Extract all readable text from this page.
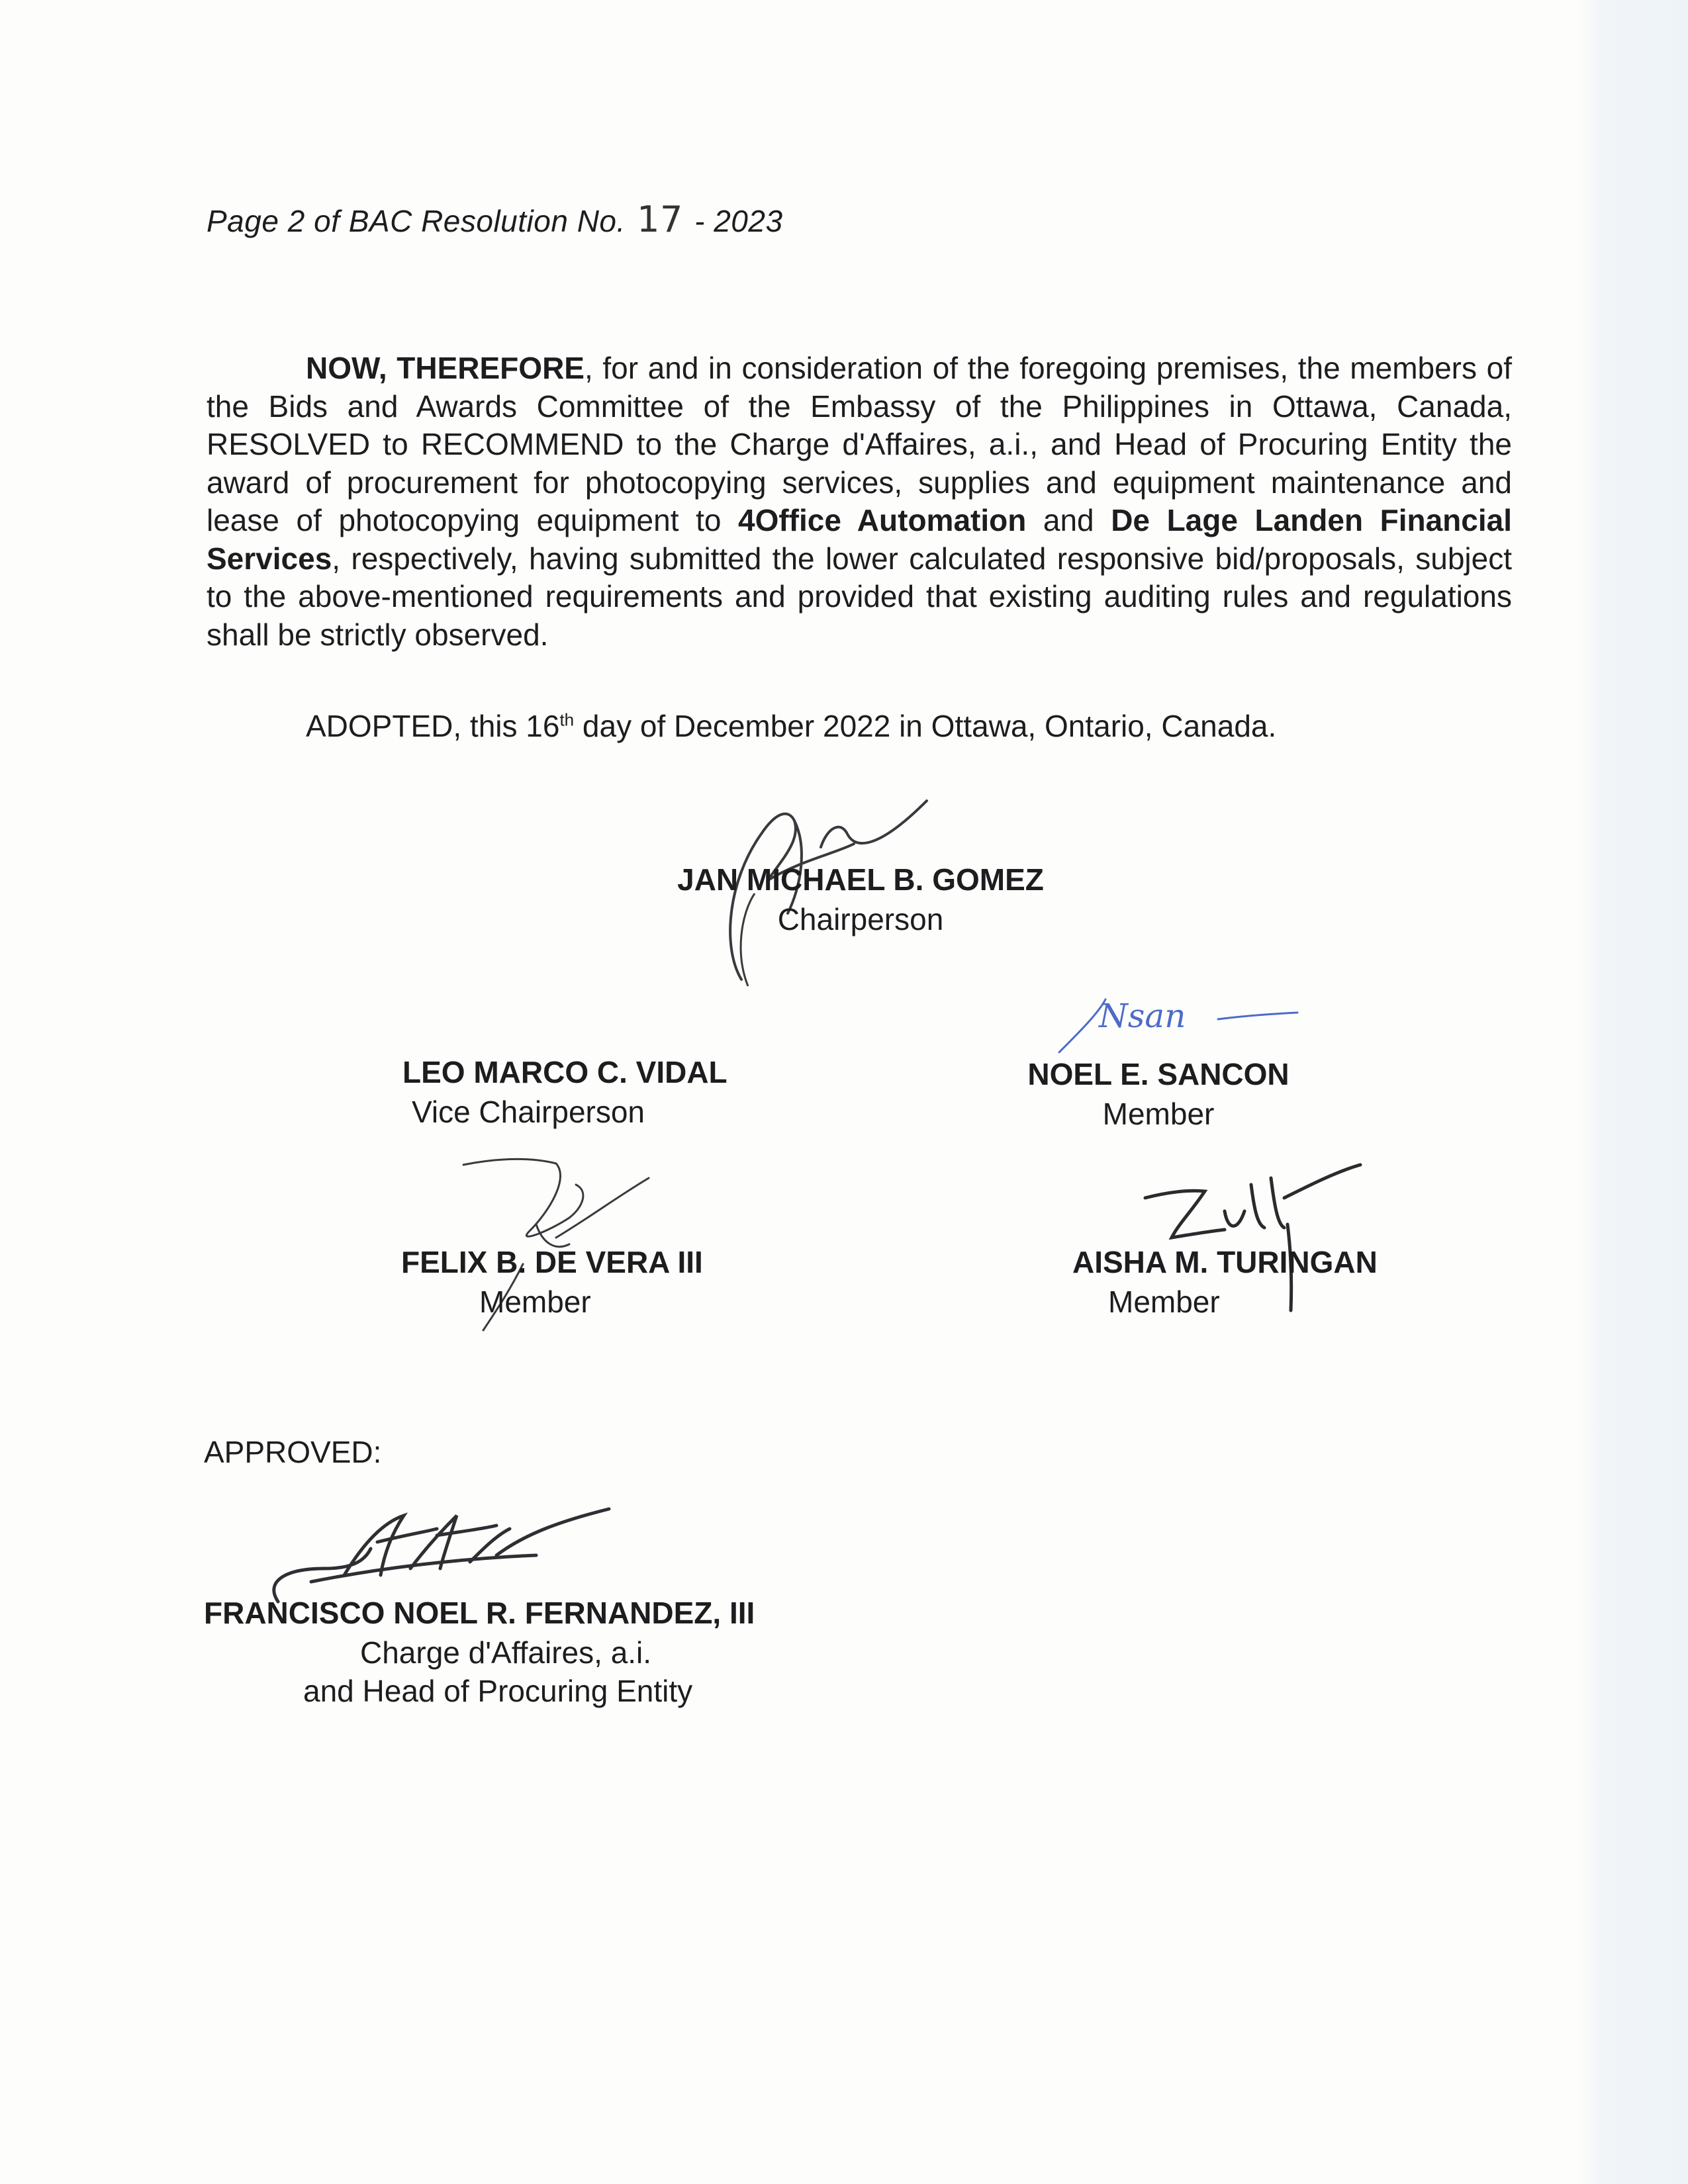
Page 2 of BAC Resolution No. 17 - 2023

NOW, THEREFORE, for and in consideration of the foregoing premises, the members of the Bids and Awards Committee of the Embassy of the Philippines in Ottawa, Canada, RESOLVED to RECOMMEND to the Charge d'Affaires, a.i., and Head of Procuring Entity the award of procurement for photocopying services, supplies and equipment maintenance and lease of photocopying equipment to 4Office Automation and De Lage Landen Financial Services, respectively, having submitted the lower calculated responsive bid/proposals, subject to the above-mentioned requirements and provided that existing auditing rules and regulations shall be strictly observed.

ADOPTED, this 16th day of December 2022 in Ottawa, Ontario, Canada.
JAN MICHAEL B. GOMEZ
Chairperson
LEO MARCO C. VIDAL
Vice Chairperson
Nsan
NOEL E. SANCON
Member
FELIX B. DE VERA III
Member
AISHA M. TURINGAN
Member
APPROVED:
FRANCISCO NOEL R. FERNANDEZ, III
Charge d'Affaires, a.i.
and Head of Procuring Entity
